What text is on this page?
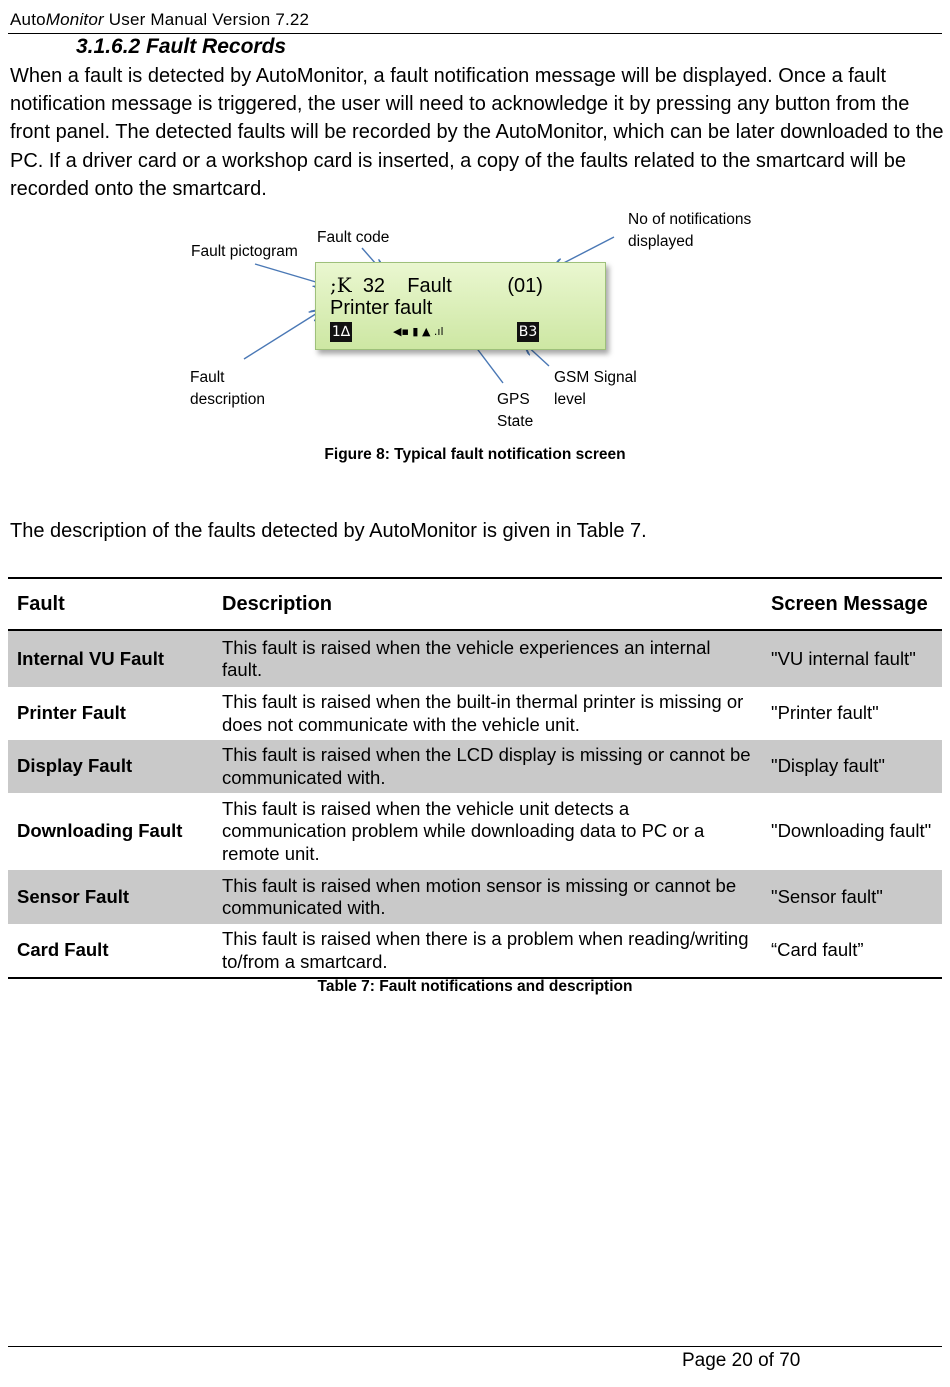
AutoMonitor User Manual Version 7.22
3.1.6.2 Fault Records
When a fault is detected by AutoMonitor, a fault notification message will be displayed. Once a fault notification message is triggered, the user will need to acknowledge it by pressing any button from the front panel. The detected faults will be recorded by the AutoMonitor, which can be later downloaded to the PC. If a driver card or a workshop card is inserted, a copy of the faults related to the smartcard will be recorded onto the smartcard.
Fault pictogram
Fault code
No of notifications
displayed
Fault
description	GPS
State
GSM Signal
level
;K 32 Fault	(01)
Printer fault
1∆	◀▪ ▮ ▲ .ıl	B3
Figure 8: Typical fault notification screen
The description of the faults detected by AutoMonitor is given in Table 7.
Fault	Description	Screen Message
Internal VU Fault	This fault is raised when the vehicle experiences an internal fault.	"VU internal fault"
Printer Fault	This fault is raised when the built-in thermal printer is missing or does not communicate with the vehicle unit.	"Printer fault"
Display Fault	This fault is raised when the LCD display is missing or cannot be communicated with.	"Display fault"
Downloading Fault	This fault is raised when the vehicle unit detects a communication problem while downloading data to PC or a remote unit.	"Downloading fault"
Sensor Fault	This fault is raised when motion sensor is missing or cannot be communicated with.	"Sensor fault"
Card Fault	This fault is raised when there is a problem when reading/writing to/from a smartcard.	“Card fault”
Table 7: Fault notifications and description
Page 20 of 70
